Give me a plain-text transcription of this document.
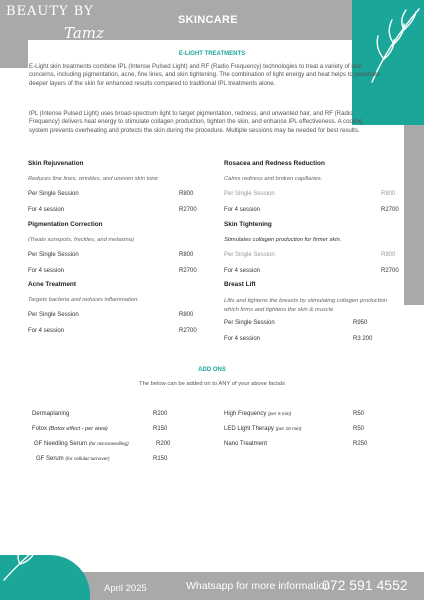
BEAUTY BY
Tamz
SKINCARE
E-LIGHT TREATMENTS
E-Light skin treatments combine IPL (Intense Pulsed Light) and RF (Radio Frequency) technologies to treat a variety of skin concerns, including pigmentation, acne, fine lines, and skin tightening. The combination of light energy and heat helps to penetrate deeper layers of the skin for enhanced results compared to traditional IPL treatments alone.
IPL (Intense Pulsed Light) uses broad-spectrum light to target pigmentation, redness, and unwanted hair, and RF (Radio Frequency) delivers heat energy to stimulate collagen production, tighten the skin, and enhance IPL effectiveness. A cooling system prevents overheating and protects the skin during the procedure. Multiple sessions may be needed for best results.
Skin Rejuvenation
Reduces fine lines, wrinkles, and uneven skin tone
Per Single Session	R800
For 4 session	R2700
Pigmentation Correction
(Treats sunspots, freckles, and melasma)
Per Single Session	R800
For 4 session	R2700
Acne Treatment
Targets bacteria and reduces inflammation.
Per Single Session	R800
For 4 session	R2700
Rosacea and Redness Reduction
Calms redness and broken capillaries.
Per Single Session	R800
For 4 session	R2700
Skin Tightening
Stimulates collagen production for firmer skin.
Per Single Session	R800
For 4 session	R2700
Breast Lift
Lifts and tightens the breasts by stimulating collagen production which firms and tightens the skin & muscle
Per Single Session	R950
For 4 session	R3 200
ADD ONS
The below can be added on to ANY of your above facials
Dermaplaning	R200
Fotox (Botox effect - per area)	R150
GF Needling Serum (for microneedling)	R200
GF Serum (for cellular turnover)	R150
High Frequency (per 5 min)	R50
LED Light Therapy (per 10 min)	R50
Nano Treatment	R250
April 2025	Whatsapp for more information
072 591 4552
